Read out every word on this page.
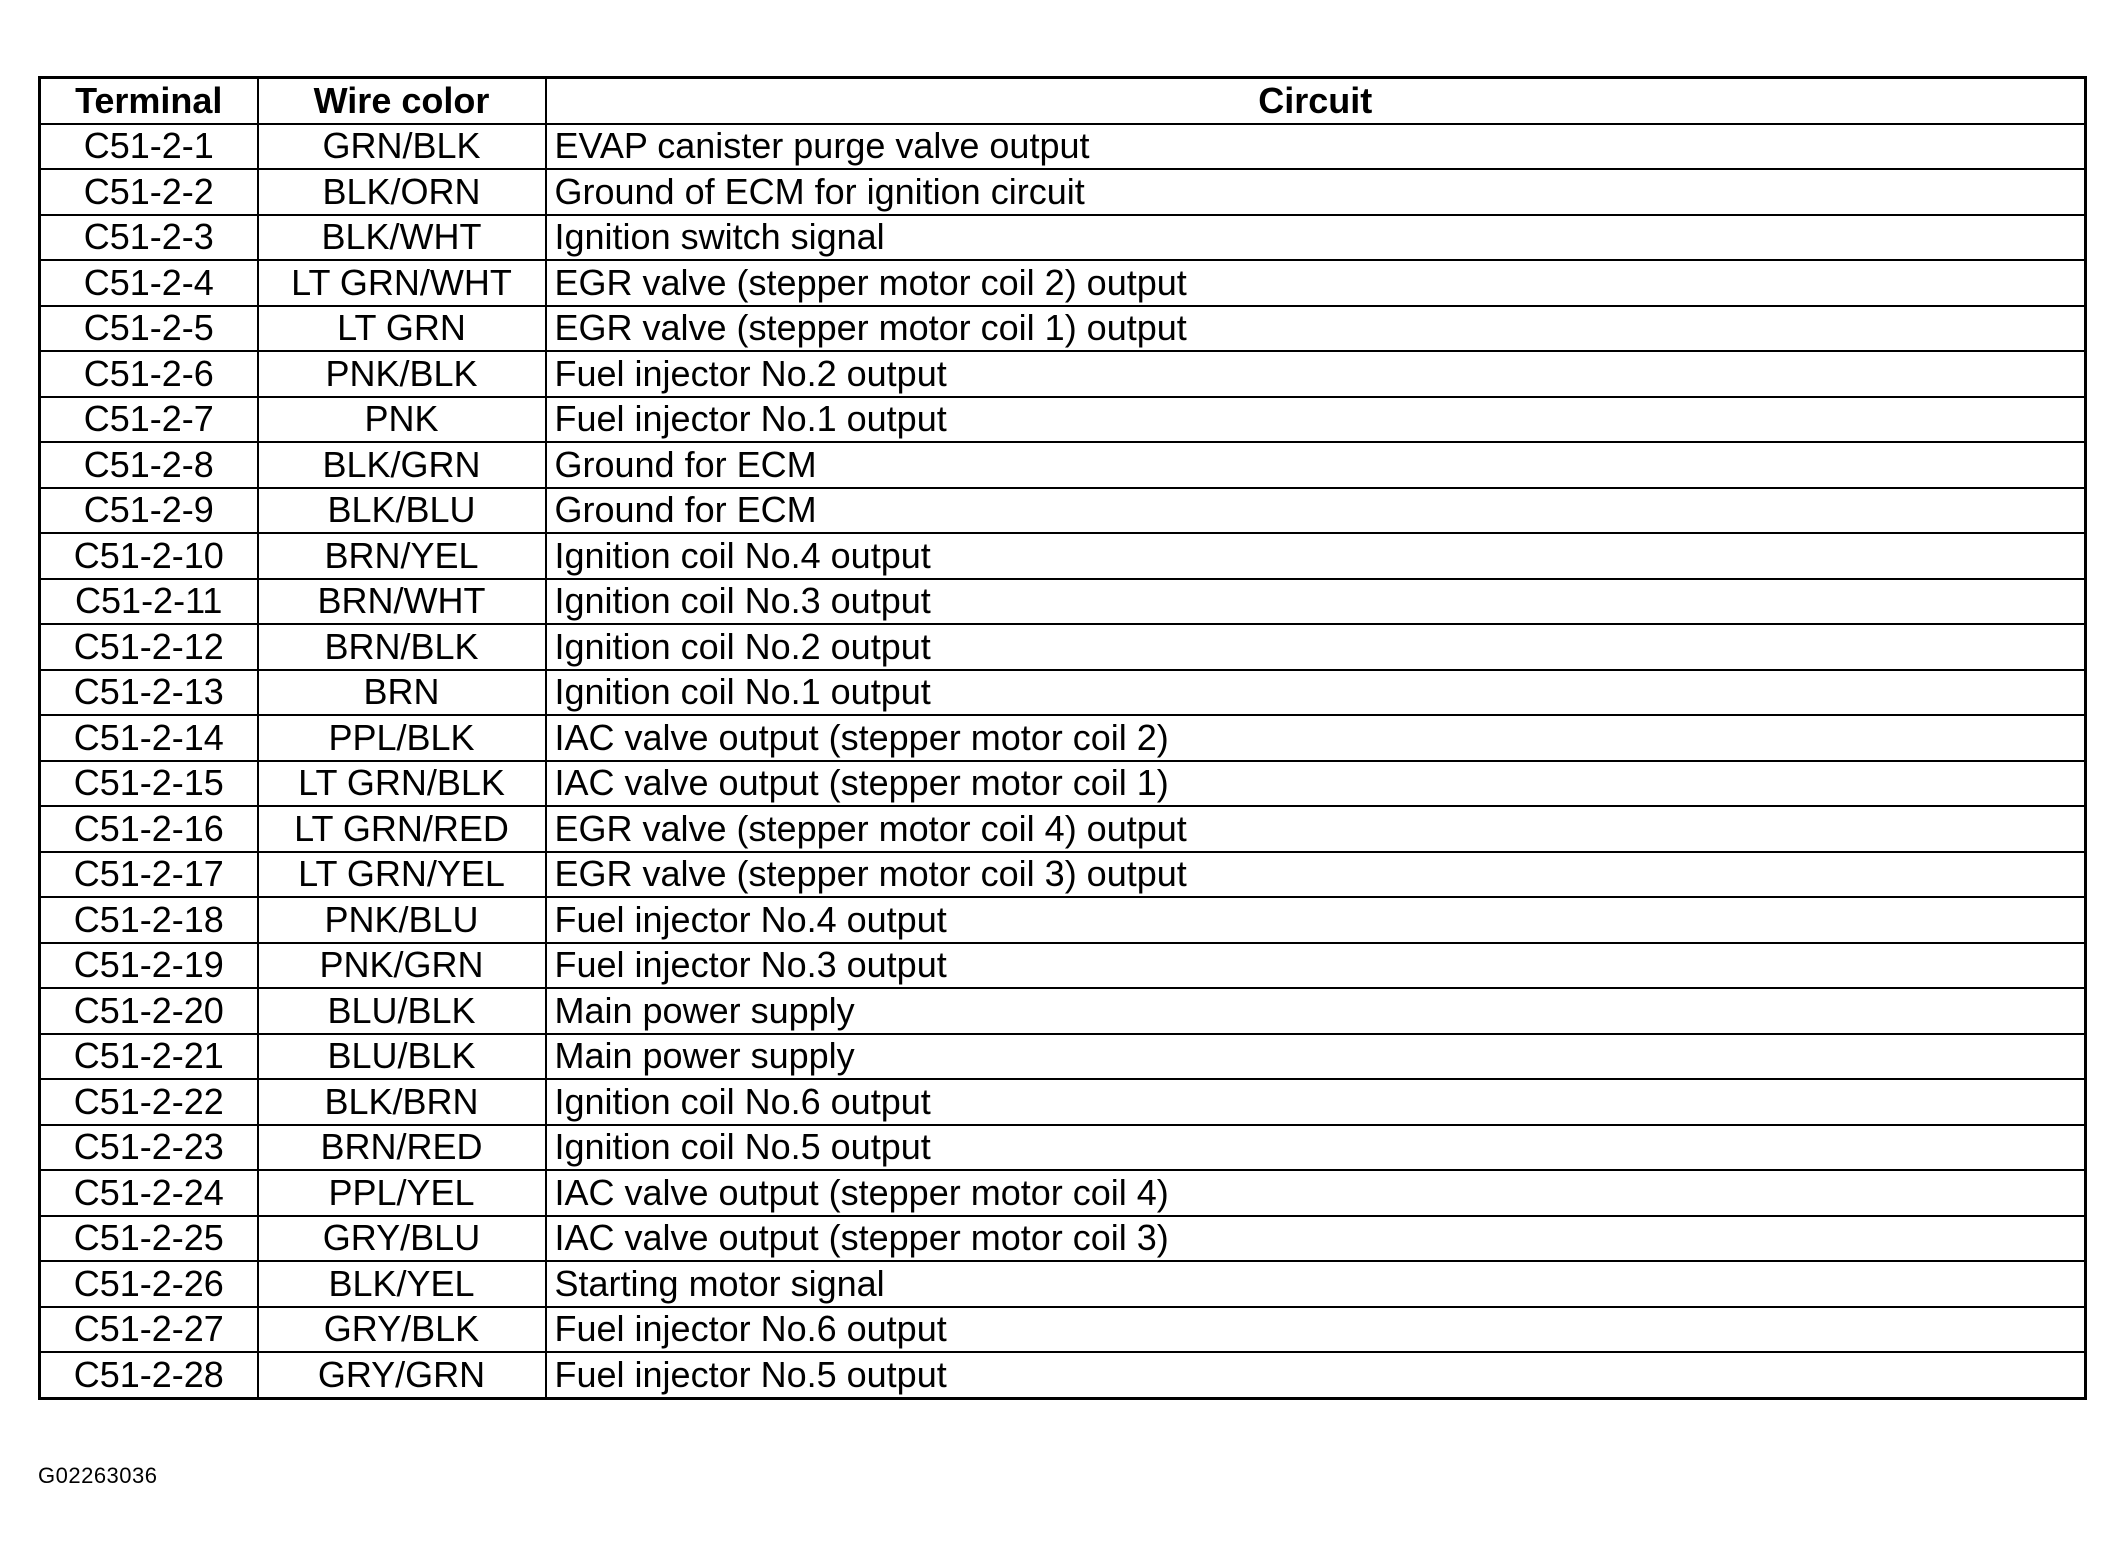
Terminal	Wire color	Circuit
C51-2-1	GRN/BLK	EVAP canister purge valve output
C51-2-2	BLK/ORN	Ground of ECM for ignition circuit
C51-2-3	BLK/WHT	Ignition switch signal
C51-2-4	LT GRN/WHT	EGR valve (stepper motor coil 2) output
C51-2-5	LT GRN	EGR valve (stepper motor coil 1) output
C51-2-6	PNK/BLK	Fuel injector No.2 output
C51-2-7	PNK	Fuel injector No.1 output
C51-2-8	BLK/GRN	Ground for ECM
C51-2-9	BLK/BLU	Ground for ECM
C51-2-10	BRN/YEL	Ignition coil No.4 output
C51-2-11	BRN/WHT	Ignition coil No.3 output
C51-2-12	BRN/BLK	Ignition coil No.2 output
C51-2-13	BRN	Ignition coil No.1 output
C51-2-14	PPL/BLK	IAC valve output (stepper motor coil 2)
C51-2-15	LT GRN/BLK	IAC valve output (stepper motor coil 1)
C51-2-16	LT GRN/RED	EGR valve (stepper motor coil 4) output
C51-2-17	LT GRN/YEL	EGR valve (stepper motor coil 3) output
C51-2-18	PNK/BLU	Fuel injector No.4 output
C51-2-19	PNK/GRN	Fuel injector No.3 output
C51-2-20	BLU/BLK	Main power supply
C51-2-21	BLU/BLK	Main power supply
C51-2-22	BLK/BRN	Ignition coil No.6 output
C51-2-23	BRN/RED	Ignition coil No.5 output
C51-2-24	PPL/YEL	IAC valve output (stepper motor coil 4)
C51-2-25	GRY/BLU	IAC valve output (stepper motor coil 3)
C51-2-26	BLK/YEL	Starting motor signal
C51-2-27	GRY/BLK	Fuel injector No.6 output
C51-2-28	GRY/GRN	Fuel injector No.5 output
G02263036
